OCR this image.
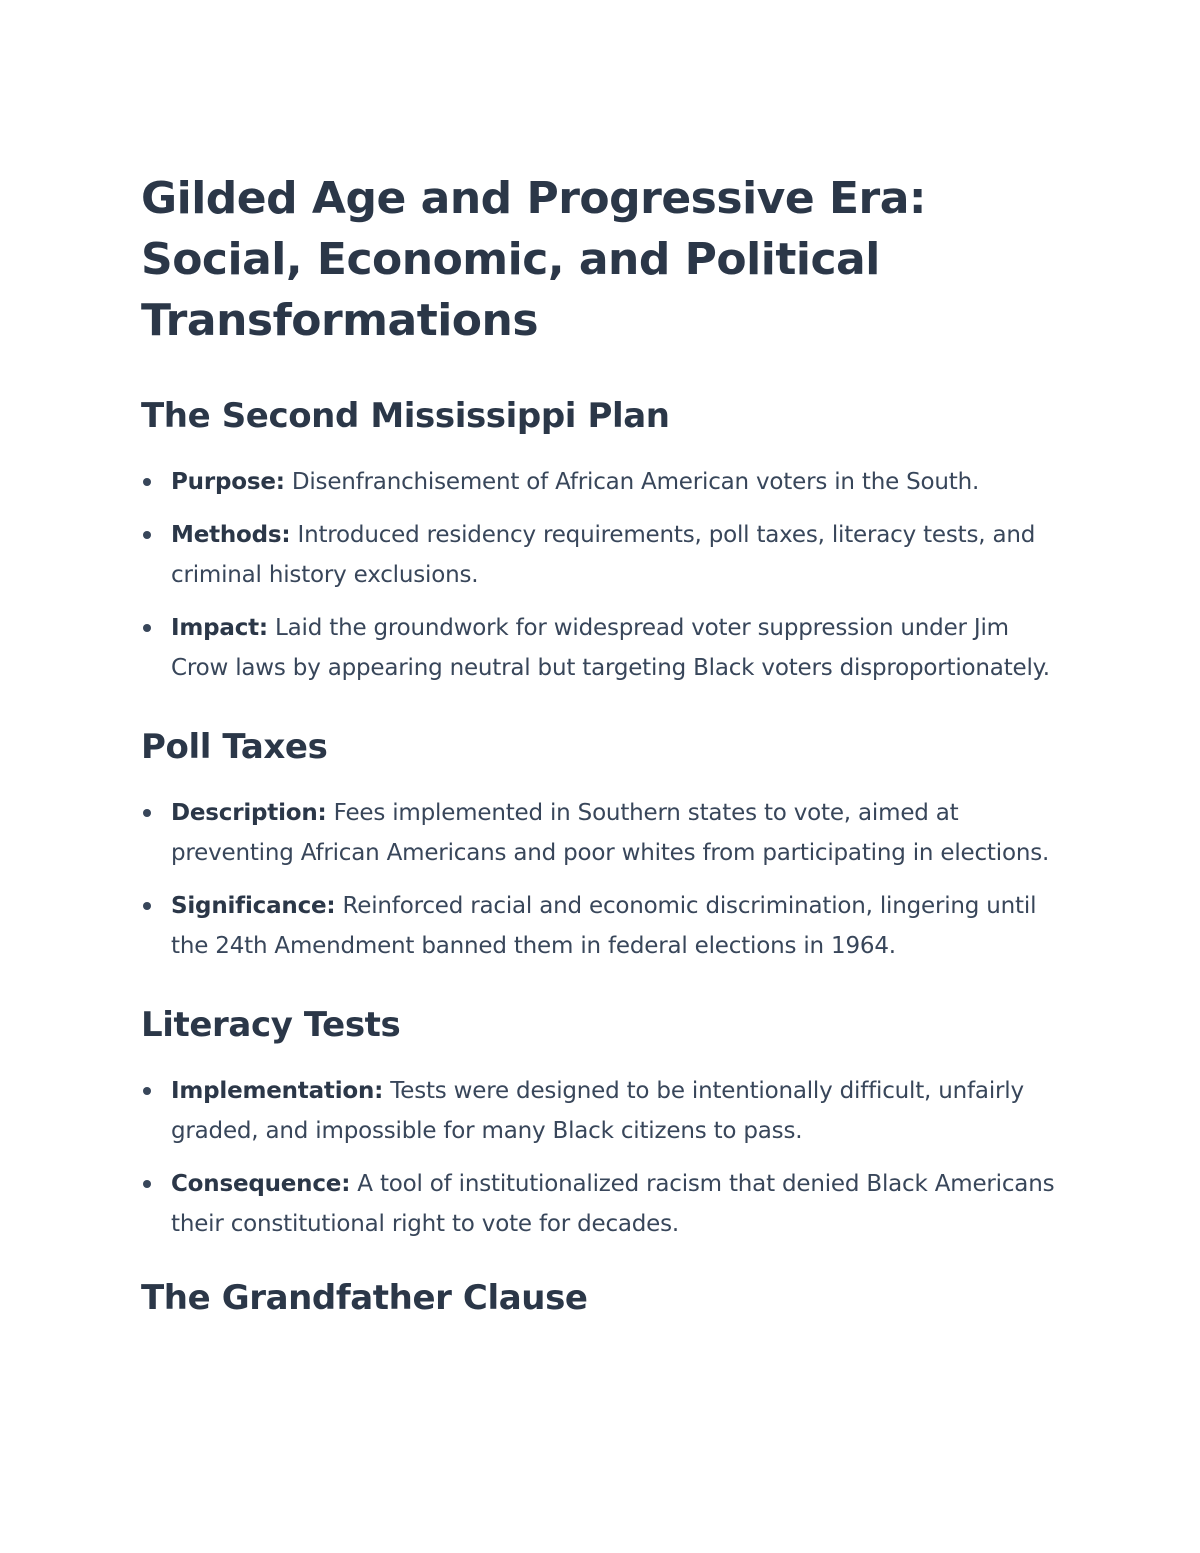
Gilded Age and Progressive Era: Social, Economic, and Political Transformations
The Second Mississippi Plan
Purpose: Disenfranchisement of African American voters in the South.
Methods: Introduced residency requirements, poll taxes, literacy tests, and criminal history exclusions.
Impact: Laid the groundwork for widespread voter suppression under Jim Crow laws by appearing neutral but targeting Black voters disproportionately.
Poll Taxes
Description: Fees implemented in Southern states to vote, aimed at preventing African Americans and poor whites from participating in elections.
Significance: Reinforced racial and economic discrimination, lingering until the 24th Amendment banned them in federal elections in 1964.
Literacy Tests
Implementation: Tests were designed to be intentionally difficult, unfairly graded, and impossible for many Black citizens to pass.
Consequence: A tool of institutionalized racism that denied Black Americans their constitutional right to vote for decades.
The Grandfather Clause
